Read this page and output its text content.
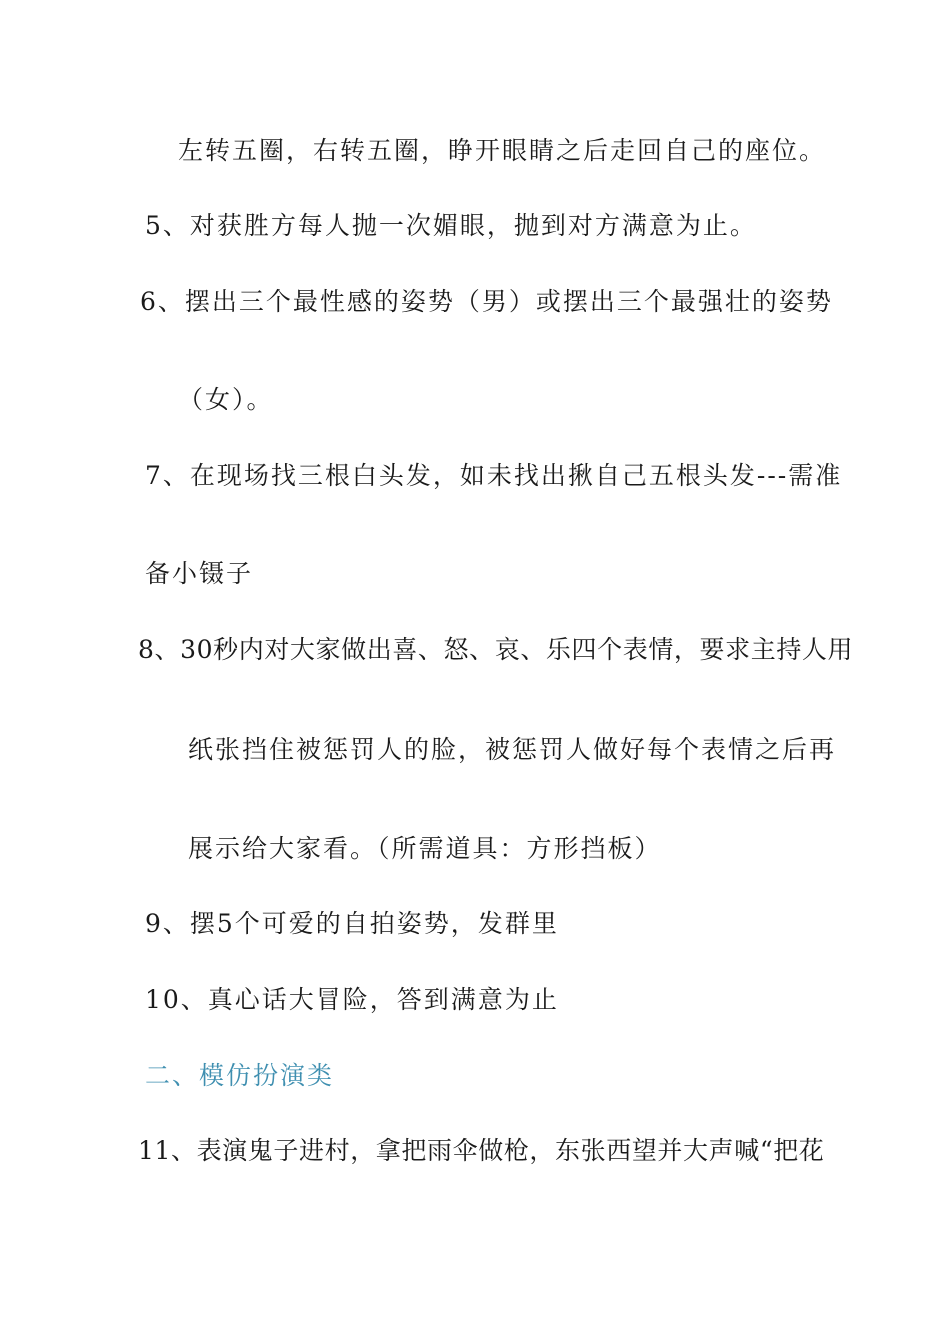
左转五圈，右转五圈，睁开眼睛之后走回自己的座位。
5、对获胜方每人抛一次媚眼，抛到对方满意为止。
6、摆出三个最性感的姿势（男）或摆出三个最强壮的姿势
（女）。
7、在现场找三根白头发，如未找出揪自己五根头发---需准
备小镊子
8、30秒内对大家做出喜、怒、哀、乐四个表情，要求主持人用
纸张挡住被惩罚人的脸，被惩罚人做好每个表情之后再
展示给大家看。（所需道具：方形挡板）
9、摆5个可爱的自拍姿势，发群里
10、真心话大冒险，答到满意为止
二、模仿扮演类
11、表演鬼子进村，拿把雨伞做枪，东张西望并大声喊“把花
